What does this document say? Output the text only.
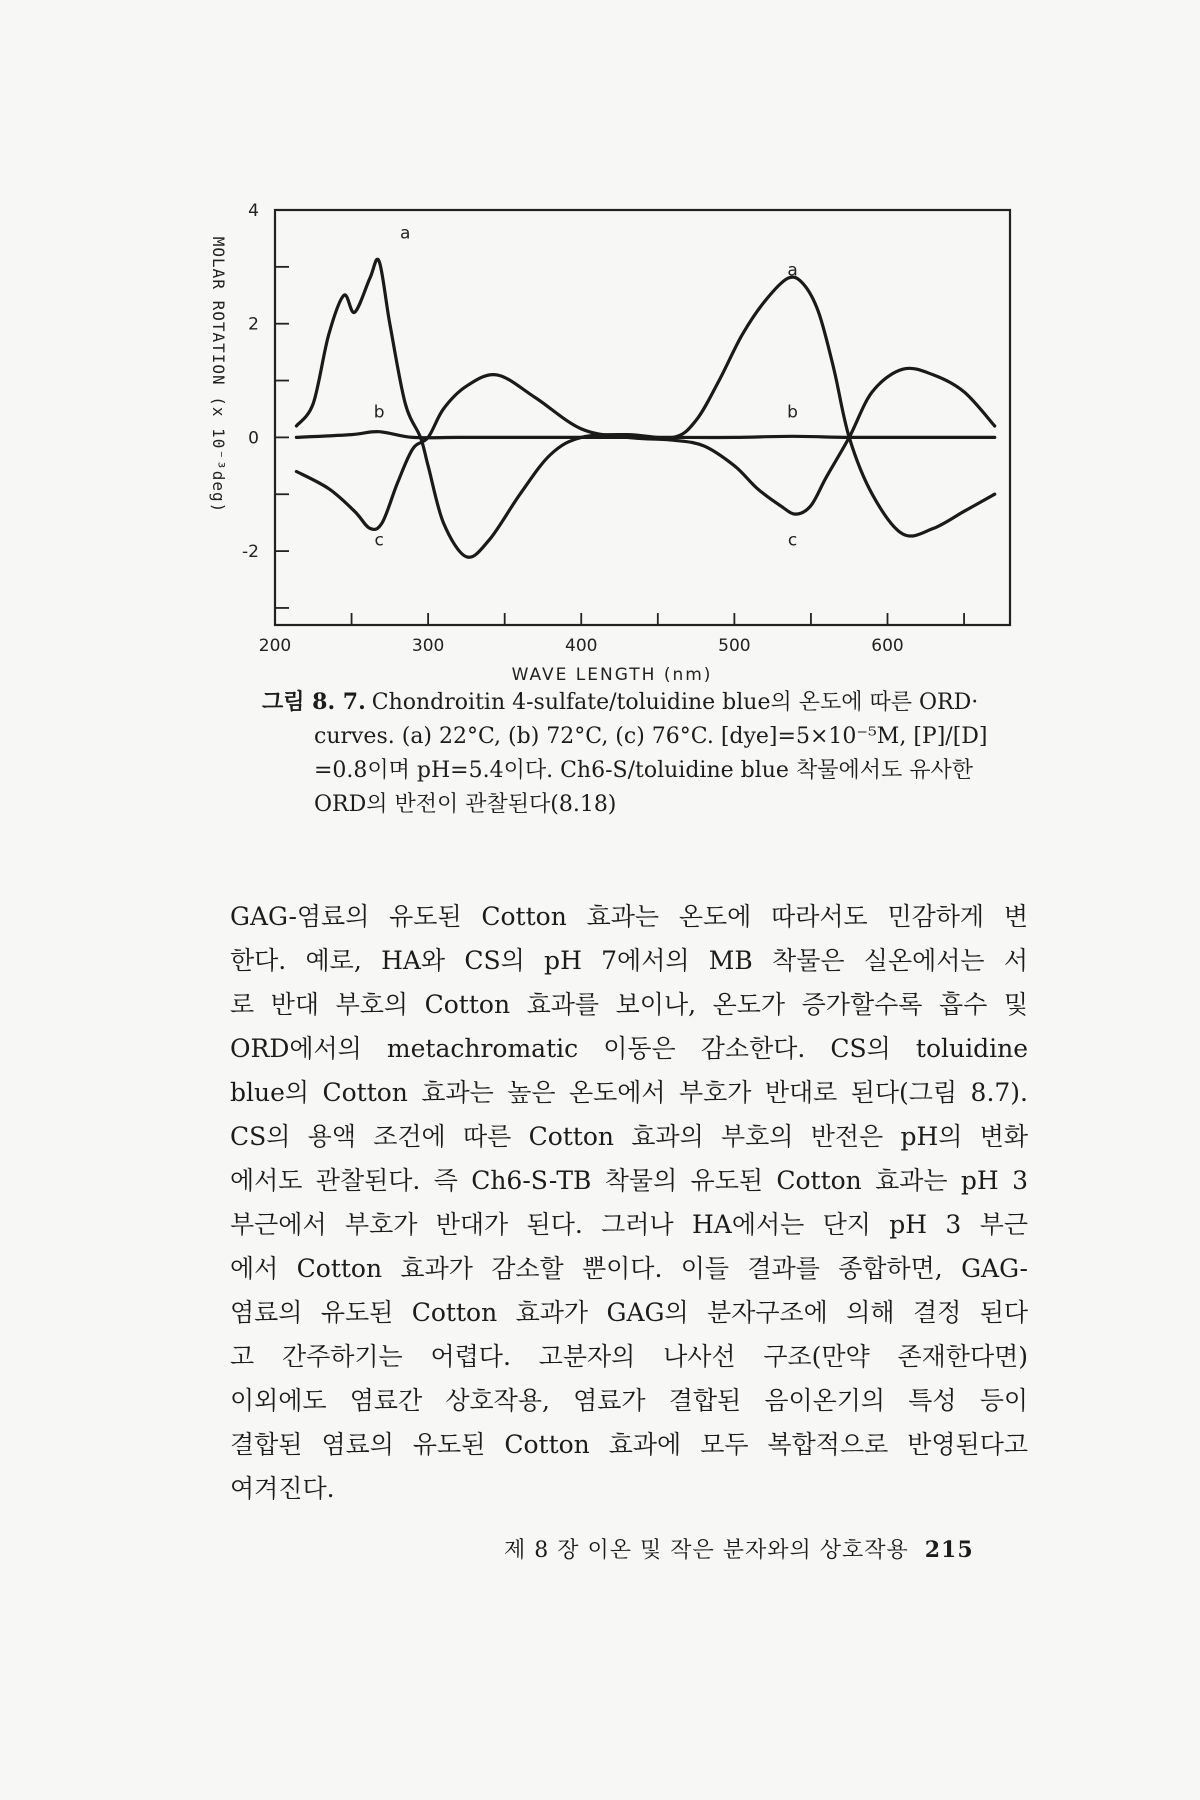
4
2
0
-2
200	300	400	500	600
a
a
b	b
c	c
WAVE LENGTH (nm)
MOLAR ROTATION (x 10⁻³deg)
그림 8. 7. Chondroitin 4-sulfate/toluidine blue의 온도에 따른 ORD·
curves. (a) 22°C, (b) 72°C, (c) 76°C. [dye]=5×10⁻⁵M, [P]/[D]
=0.8이며 pH=5.4이다. Ch6-S/toluidine blue 착물에서도 유사한
ORD의 반전이 관찰된다(8.18)
GAG-염료의 유도된 Cotton 효과는 온도에 따라서도 민감하게 변
한다. 예로, HA와 CS의 pH 7에서의 MB 착물은 실온에서는 서
로 반대 부호의 Cotton 효과를 보이나, 온도가 증가할수록 흡수 및
ORD에서의 metachromatic 이동은 감소한다. CS의 toluidine
blue의 Cotton 효과는 높은 온도에서 부호가 반대로 된다(그림 8.7).
CS의 용액 조건에 따른 Cotton 효과의 부호의 반전은 pH의 변화
에서도 관찰된다. 즉 Ch6-S-TB 착물의 유도된 Cotton 효과는 pH 3
부근에서 부호가 반대가 된다. 그러나 HA에서는 단지 pH 3 부근
에서 Cotton 효과가 감소할 뿐이다. 이들 결과를 종합하면, GAG-
염료의 유도된 Cotton 효과가 GAG의 분자구조에 의해 결정 된다
고 간주하기는 어렵다. 고분자의 나사선 구조(만약 존재한다면)
이외에도 염료간 상호작용, 염료가 결합된 음이온기의 특성 등이
결합된 염료의 유도된 Cotton 효과에 모두 복합적으로 반영된다고
여겨진다.
제 8 장 이온 및 작은 분자와의 상호작용 215
